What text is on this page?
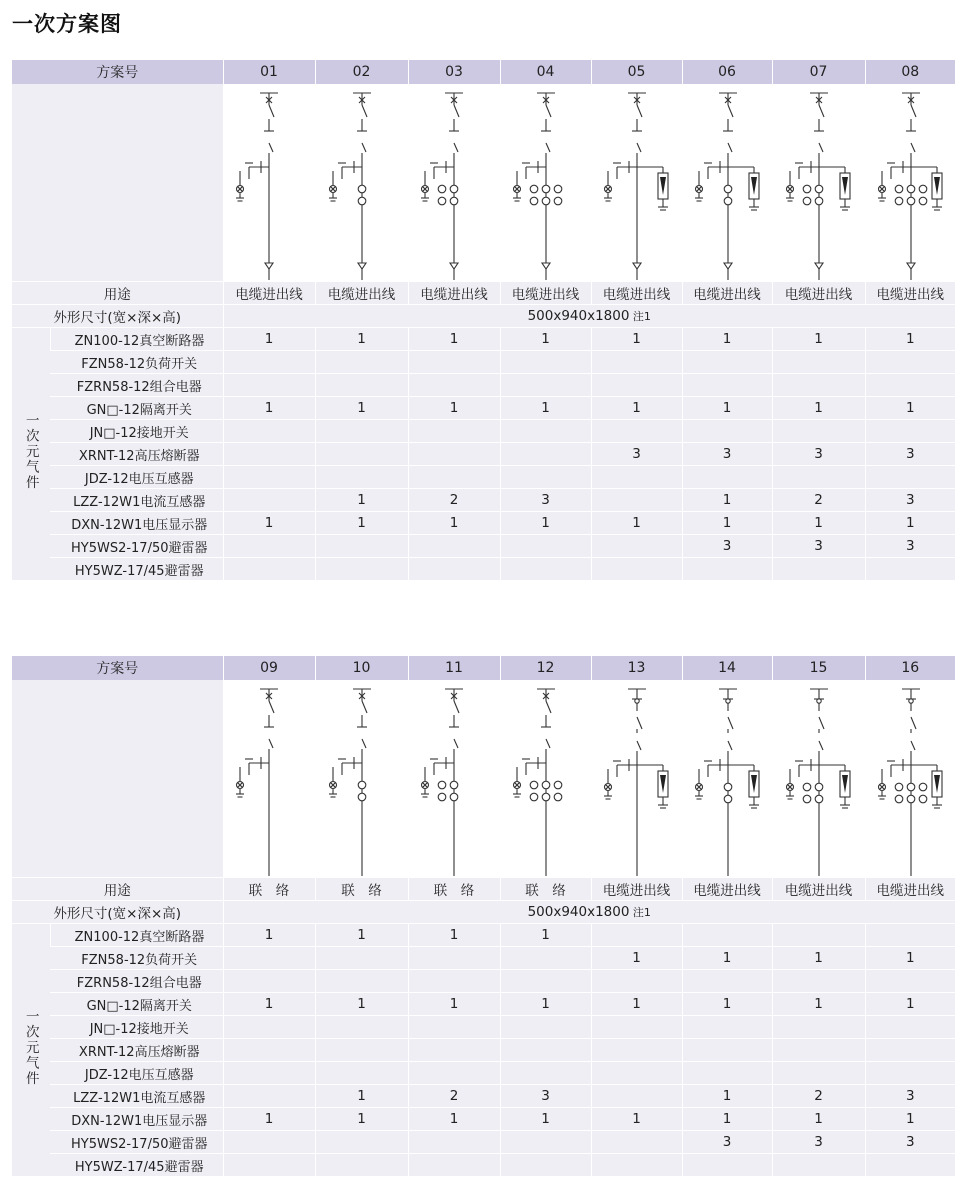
一次方案图
方案号		01	02	03	04	05	06	07	08

用途		电缆进出线	电缆进出线	电缆进出线	电缆进出线	电缆进出线	电缆进出线	电缆进出线	电缆进出线
外形尺寸(宽×深×高)		500x940x1800 注1							
一次元气件	ZN100-12真空断路器	1	1	1	1	1	1	1	1
	FZN58-12负荷开关								
	FZRN58-12组合电器								
	GN□-12隔离开关	1	1	1	1	1	1	1	1
	JN□-12接地开关								
	XRNT-12高压熔断器					3	3	3	3
	JDZ-12电压互感器								
	LZZ-12W1电流互感器		1	2	3		1	2	3
	DXN-12W1电压显示器	1	1	1	1	1	1	1	1
	HY5WS2-17/50避雷器						3	3	3
	HY5WZ-17/45避雷器								
方案号		09	10	11	12	13	14	15	16

用途		联　络	联　络	联　络	联　络	电缆进出线	电缆进出线	电缆进出线	电缆进出线
外形尺寸(宽×深×高)		500x940x1800 注1							
一次元气件	ZN100-12真空断路器	1	1	1	1				
	FZN58-12负荷开关					1	1	1	1
	FZRN58-12组合电器								
	GN□-12隔离开关	1	1	1	1	1	1	1	1
	JN□-12接地开关								
	XRNT-12高压熔断器								
	JDZ-12电压互感器								
	LZZ-12W1电流互感器		1	2	3		1	2	3
	DXN-12W1电压显示器	1	1	1	1	1	1	1	1
	HY5WS2-17/50避雷器						3	3	3
	HY5WZ-17/45避雷器								
